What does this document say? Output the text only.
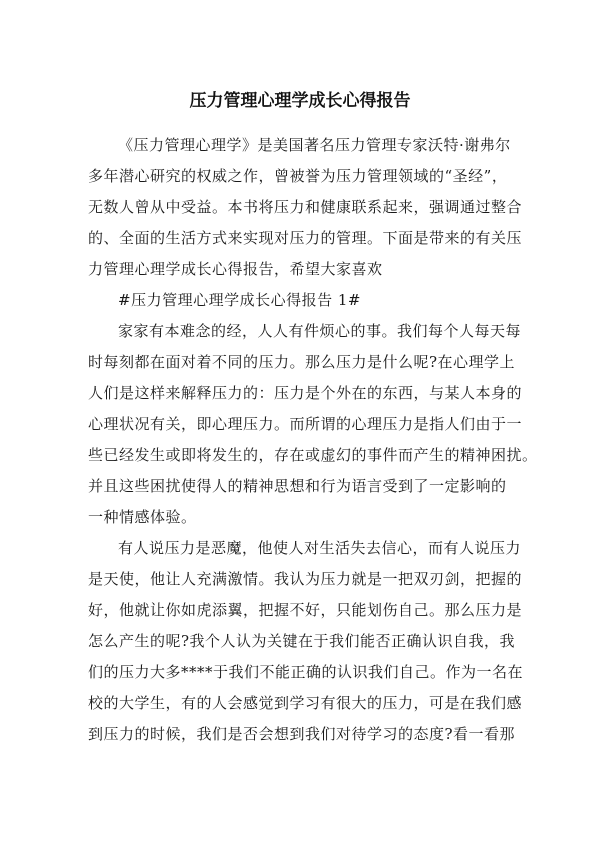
压力管理心理学成长心得报告
《压力管理心理学》是美国著名压力管理专家沃特·谢弗尔
多年潜心研究的权威之作，曾被誉为压力管理领域的“圣经”，
无数人曾从中受益。本书将压力和健康联系起来，强调通过整合
的、全面的生活方式来实现对压力的管理。下面是带来的有关压
力管理心理学成长心得报告，希望大家喜欢
#压力管理心理学成长心得报告 1#
家家有本难念的经，人人有件烦心的事。我们每个人每天每
时每刻都在面对着不同的压力。那么压力是什么呢?在心理学上
人们是这样来解释压力的：压力是个外在的东西，与某人本身的
心理状况有关，即心理压力。而所谓的心理压力是指人们由于一
些已经发生或即将发生的，存在或虚幻的事件而产生的精神困扰。
并且这些困扰使得人的精神思想和行为语言受到了一定影响的
一种情感体验。
有人说压力是恶魔，他使人对生活失去信心，而有人说压力
是天使，他让人充满激情。我认为压力就是一把双刃剑，把握的
好，他就让你如虎添翼，把握不好，只能划伤自己。那么压力是
怎么产生的呢?我个人认为关键在于我们能否正确认识自我，我
们的压力大多****于我们不能正确的认识我们自己。作为一名在
校的大学生，有的人会感觉到学习有很大的压力，可是在我们感
到压力的时候，我们是否会想到我们对待学习的态度?看一看那
